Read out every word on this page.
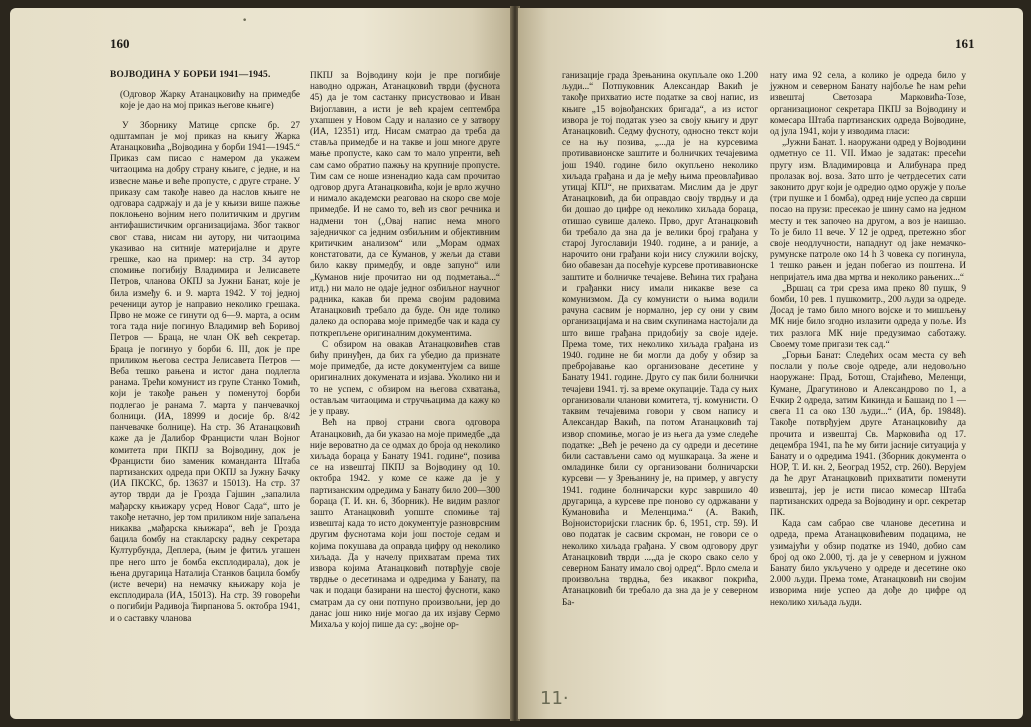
160
•

ВОЈВОДИНА У БОРБИ 1941—1945.

(Одговор Жарку Атанацковићу на примедбе које је дао на мој приказ његове књиге)

У Зборнику Матице српске бр. 27 одштампан је мој приказ на књигу Жарка Атанацковића „Војводина у борби 1941—1945.“ Приказ сам писао с намером да укажем читаоцима на добру страну књиге, с једне, и на извесне мање и веће пропусте, с друге стране. У приказу сам такође навео да наслов књиге не одговара садржају и да је у књизи више пажње поклоњено војним него политичким и другим антифашистичким организацијама. Због таквог свог става, нисам ни аутору, ни читаоцима указивао на ситније материјалне и друге грешке, као на пример: на стр. 34 аутор спомиње погибију Владимира и Јелисавете Петров, чланова ОКПЈ за Јужни Банат, које је била између 6. и 9. марта 1942. У тој једној реченици аутор је направио неколико грешака. Прво не може се гинути од 6—9. марта, а осим тога тада није погинуо Владимир већ Боривој Петров — Брацa, не члан ОК већ секретар. Брацa је погинуо у борби 6. III, док је пре приликом његова сестра Јелисавета Петров — Веба тешко рањена и истог дана подлегла ранама. Трећи комунист из групе Станко Томић, који је такође рањен у поменутој борби подлегао је ранама 7. марта у панчевачкој болници. (ИА, 18999 и досије бр. 8/42 панчевачке болнице). На стр. 36 Атанацковић каже да је Далибор Францисти члан Војног комитета при ПКПЈ за Војводину, док је Францисти био заменик команданта Штаба партизанских одреда при ОКПЈ за Јужну Бачку (ИА ПКСКС, бр. 13637 и 15013). На стр. 37 аутор тврди да је Грозда Гајшин „запалила мађарску књижару усред Новог Сада“, што је такође нетачно, јер том приликом није запаљена никаква „мађарска књижара“, већ је Грозда бацила бомбу на стакларску радњу секретара Културбунда, Деплера, (њим је фитиљ угашен пре него што је бомба експлодирала), док је њена другарица Наталија Станков бацила бомбу (исте вечери) на немачку књижару која је експлодирала (ИА, 15013). На стр. 39 говорећи о погибији Радивоја Ћирпанова 5. октобра 1941, и о саставку чланова

ПКПЈ за Војводину који је пре погибије наводно одржан, Атанацковић тврди (фуснота 45) да је том састанку присуствовао и Иван Вијоглавин, а исти је већ крајем септембра ухапшен у Новом Саду и налазио се у затвору (ИА, 12351) итд. Нисам сматрао да треба да ставља примедбе и на такве и још многе друге мање пропусте, како сам то мало упренти, већ сам само обратио пажњу на крупније пропусте. Тим сам се ноше изненадио кадa сам прочитао одговор друга Атанацковића, који је врло жучно и нимало академски реаговао на скоро све моје примедбе. И не само то, већ из свог речника и надмени тон („Овај напис нема много заједничког са једним озбиљним и објективним критичким анализом“ или „Морам одмах констатовати, да се Куманов, у жељи да стави било какву примедбу, и овде запуно“ или „Куманов није прочитао ни од подметања...“ итд.) ни мало не одаје једног озбиљног научног радника, какав би према својим радовима Атанацковић требало да буде. Он иде толико далеко да оспорава моје примедбе чак и када су поткрепљене оригиналним документима.

С обзиром на овакав Атанацковићев став бићу принуђен, да бих га убедио да признате моје примедбе, да исте документујем са више оригиналних докумената и изјава. Уколико ни и то не успем, с обзиром на његова схватања, остављам читаоцима и стручњацима да кажу ко је у праву.

Већ на првој страни свога одговора Атанацковић, да би указао на моје примедбе „да није вероватно да се одмах до броја од неколико хиљада бораца у Банату 1941. године“, позива се на извештај ПКПЈ за Војводину од 10. октобра 1942. у коме се каже да је у партизанским одредима у Банату било 200—300 бораца (Т. И. кн. 6, Зборник). Не видим разлог зашто Атанацковић уопште спомиње тај извештај када то исто документује разноврсним другим фуснотама који још постоје седам и којима покушава да оправда цифру од неколико хиљада. Да у начелу прихватам према тих извора којима Атанацковић потврђује своје тврдње о десетинама и одредима у Банату, па чак и подаци базирани на шестој фусноти, како сматрам да су они потпуно произвољни, јер до данас још нико није могао да их изјаву Сермо Михаља у којој пише да су: „војне ор-

161

ганизације града Зрењанина окупљале око 1.200 људи...“ Потпуковник Александар Вакић је такође прихватио исте податке за свој напис, из књиге „15 војвођанских бригада“, а из истог извора је тој податак узео за своју књигу и друг Атанацковић. Седму фусноту, односно текст који се на њу позива, „...да је на курсевима противавионске заштите и болничких течајевима још 1940. године било окупљено неколико хиљада грађана и да је међу њима преовлађивао утицај КПЈ“, не прихватам. Мислим да је друг Атанацковић, да би оправдао своју тврдњу и да би дошао до цифре од неколико хиљада бораца, отишао сувише далеко. Прво, друг Атанацковић би требало да зна да је велики број грађана у старој Југославији 1940. године, а и раније, а нарочито они грађани који нису служили војску, био обавезан да посећује курсеве противавионске заштите и болничке течајеве. Већина тих грађана и грађанки нису имали никакве везе са комунизмом. Да су комунисти о њима водили рачуна сасвим је нормално, јер су они у свим организацијама и на свим скупинама настојали да што више грађана придобију за своје идеје. Према томе, тих неколико хиљада грађана из 1940. године не би могли да добу у обзир за пребројавање као организоване десетине у Банату 1941. године. Друго су пак били болнички течајеви 1941. тј. за време окупације. Тада су њих организовали чланови комитета, тј. комунисти. О таквим течајевима говори у свом напису и Александар Вакић, па потом Атанацковић тај извор спомиње, могао је из њега да узме следеће податке: „Већ је речено да су одреди и десетине били састављени само од мушкараца. За жене и омладинке били су организовани болничарски курсеви — у Зрењанину је, на пример, у августу 1941. године болничарски курс завршило 40 другарица, а курсеве пре поново су одржавани у Кумановића и Меленцима.“ (А. Вакић, Војноисторијски гласник бр. 6, 1951, стр. 59). И ово податак је сасвим скроман, не говори се о неколико хиљада грађана. У свом одговору друг Атанацковић тврди ...„да је скоро свако село у северном Банату имало свој одред“. Врло смела и произвољна тврдња, без икаквог покрића, Атанацковић би требало да зна да је у северном Ба-

нату има 92 села, а колико је одреда било у јужном и северном Банату најбоље ће нам рећи извештај Светозара Марковића-Тозе, организационог секретара ПКПЈ за Војводину и комесара Штаба партизанских одреда Војводине, од јула 1941, који у изводима гласи:

„Јужни Банат. 1. наоружани одред у Војводини одметнуо се 11. VII. Имао је задатак: пресећи пругу изм. Владимировца и Алибунара пред пролазак вој. воза. Зато што је четрдесетих сати законито друг који је одредио одмо оружје у поље (три пушке и 1 бомба), одред није успео да сврши посао на прузи: пресекао је шину само на једном месту и тек започео на другом, а воз је наишао. То је било 11 вече. У 12 је одред, претежно због своје неодлучности, нападнут од јаке немачко-румунске патроле око 14 h 3 човека су погинула, 1 тешко рањен и један побегао из поштена. И непријатељ има два мртва и неколико рањених...“

„Вршац са три среза има преко 80 пушк, 9 бомби, 10 рев. 1 пушкомитр., 200 људи за одреде. Досад је тамо било много војске и то мишљењу МК није било згодно излазити одреда у поље. Из тих разлога МК није предузимао саботажу. Своему томе пригази тек сад.“

„Горњи Банат: Следећих осам места су већ послали у поље своје одреде, али недовољно наоружане: Прад, Ботош, Стајићево, Меленци, Кумане, Драгутиново и Александрово по 1, а Ечкир 2 одреда, затим Кикинда и Башаид по 1 — свега 11 са око 130 људи...“ (ИА, бр. 19848). Такође потврђујем друге Атанацковићу да прочита и извештај Св. Марковића од 17. децембра 1941, па ће му бити јасније ситуација у Банату и о одредима 1941. (Зборник документа о НОР, Т. И. кн. 2, Београд 1952, стр. 260). Верујем да ће друг Атанацковић прихватити поменути извештај, јер је исти писао комесар Штаба партизанских одреда за Војводину и орг. секретар ПК.

Када сам сабрао све чланове десетина и одреда, према Атанацковићевим подацима, не узимајући у обзир податке из 1940, добио сам број од око 2.000, тј. да је у северном и јужном Банату било укључено у одреде и десетине око 2.000 људи. Према томе, Атанацковић ни својим изворима није успео да дође до цифре од неколико хиљада људи.

11·
